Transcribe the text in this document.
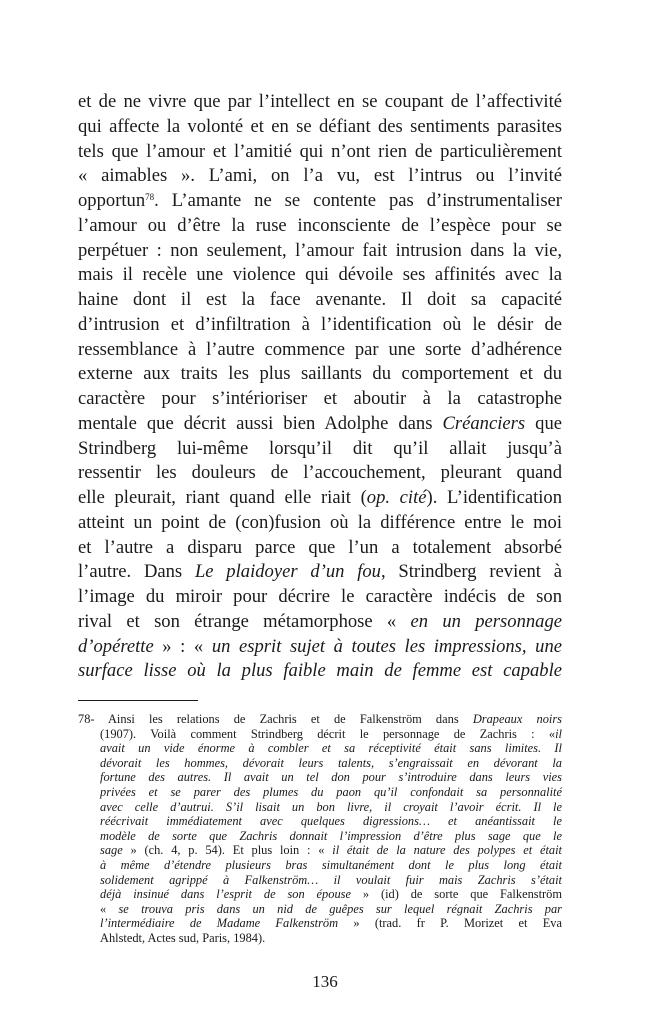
et de ne vivre que par l’intellect en se coupant de l’affectivité
qui affecte la volonté et en se défiant des sentiments parasites
tels que l’amour et l’amitié qui n’ont rien de particulièrement
« aimables ». L’ami, on l’a vu, est l’intrus ou l’invité
opportun$^{78}$. L’amante ne se contente pas d’instrumentaliser
l’amour ou d’être la ruse inconsciente de l’espèce pour se
perpétuer : non seulement, l’amour fait intrusion dans la vie,
mais il recèle une violence qui dévoile ses affinités avec la
haine dont il est la face avenante. Il doit sa capacité
d’intrusion et d’infiltration à l’identification où le désir de
ressemblance à l’autre commence par une sorte d’adhérence
externe aux traits les plus saillants du comportement et du
caractère pour s’intérioriser et aboutir à la catastrophe
mentale que décrit aussi bien Adolphe dans Créanciers que
Strindberg lui-même lorsqu’il dit qu’il allait jusqu’à
ressentir les douleurs de l’accouchement, pleurant quand
elle pleurait, riant quand elle riait (op. cité). L’identification
atteint un point de (con)fusion où la différence entre le moi
et l’autre a disparu parce que l’un a totalement absorbé
l’autre. Dans Le plaidoyer d’un fou, Strindberg revient à
l’image du miroir pour décrire le caractère indécis de son
rival et son étrange métamorphose « en un personnage
d’opérette » : « un esprit sujet à toutes les impressions, une
surface lisse où la plus faible main de femme est capable
78- Ainsi les relations de Zachris et de Falkenström dans Drapeaux noirs
(1907). Voilà comment Strindberg décrit le personnage de Zachris : «il
avait un vide énorme à combler et sa réceptivité était sans limites. Il
dévorait les hommes, dévorait leurs talents, s’engraissait en dévorant la
fortune des autres. Il avait un tel don pour s’introduire dans leurs vies
privées et se parer des plumes du paon qu’il confondait sa personnalité
avec celle d’autrui. S’il lisait un bon livre, il croyait l’avoir écrit. Il le
réécrivait immédiatement avec quelques digressions… et anéantissait le
modèle de sorte que Zachris donnait l’impression d’être plus sage que le
sage » (ch. 4, p. 54). Et plus loin : « il était de la nature des polypes et était
à même d’étendre plusieurs bras simultanément dont le plus long était
solidement agrippé à Falkenström… il voulait fuir mais Zachris s’était
déjà insinué dans l’esprit de son épouse » (id) de sorte que Falkenström
« se trouva pris dans un nid de guêpes sur lequel régnait Zachris par
l’intermédiaire de Madame Falkenström » (trad. fr P. Morizet et Eva
Ahlstedt, Actes sud, Paris, 1984).
136
